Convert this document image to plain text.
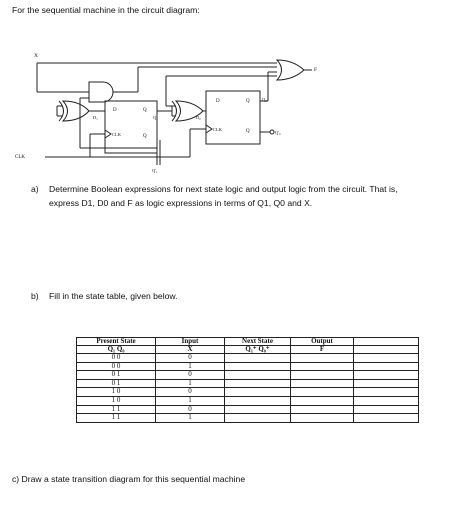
For the sequential machine in the circuit diagram:
X
CLK
F
D	Q
D₁
CLK	Q
Q₁
Q'₁
D	Q
D₀
CLK	Q
Q₀
Q'₀
a) Determine Boolean expressions for next state logic and output logic from the circuit. That is,
express D1, D0 and F as logic expressions in terms of Q1, Q0 and X.
b) Fill in the state table, given below.
Present State	Input	Next State	Output	
Q₁ Q₀	X	Q₁⁺ Q₀⁺	F	
0 0	0			
0 0	1			
0 1	0			
0 1	1			
1 0	0			
1 0	1			
1 1	0			
1 1	1			
c) Draw a state transition diagram for this sequential machine
